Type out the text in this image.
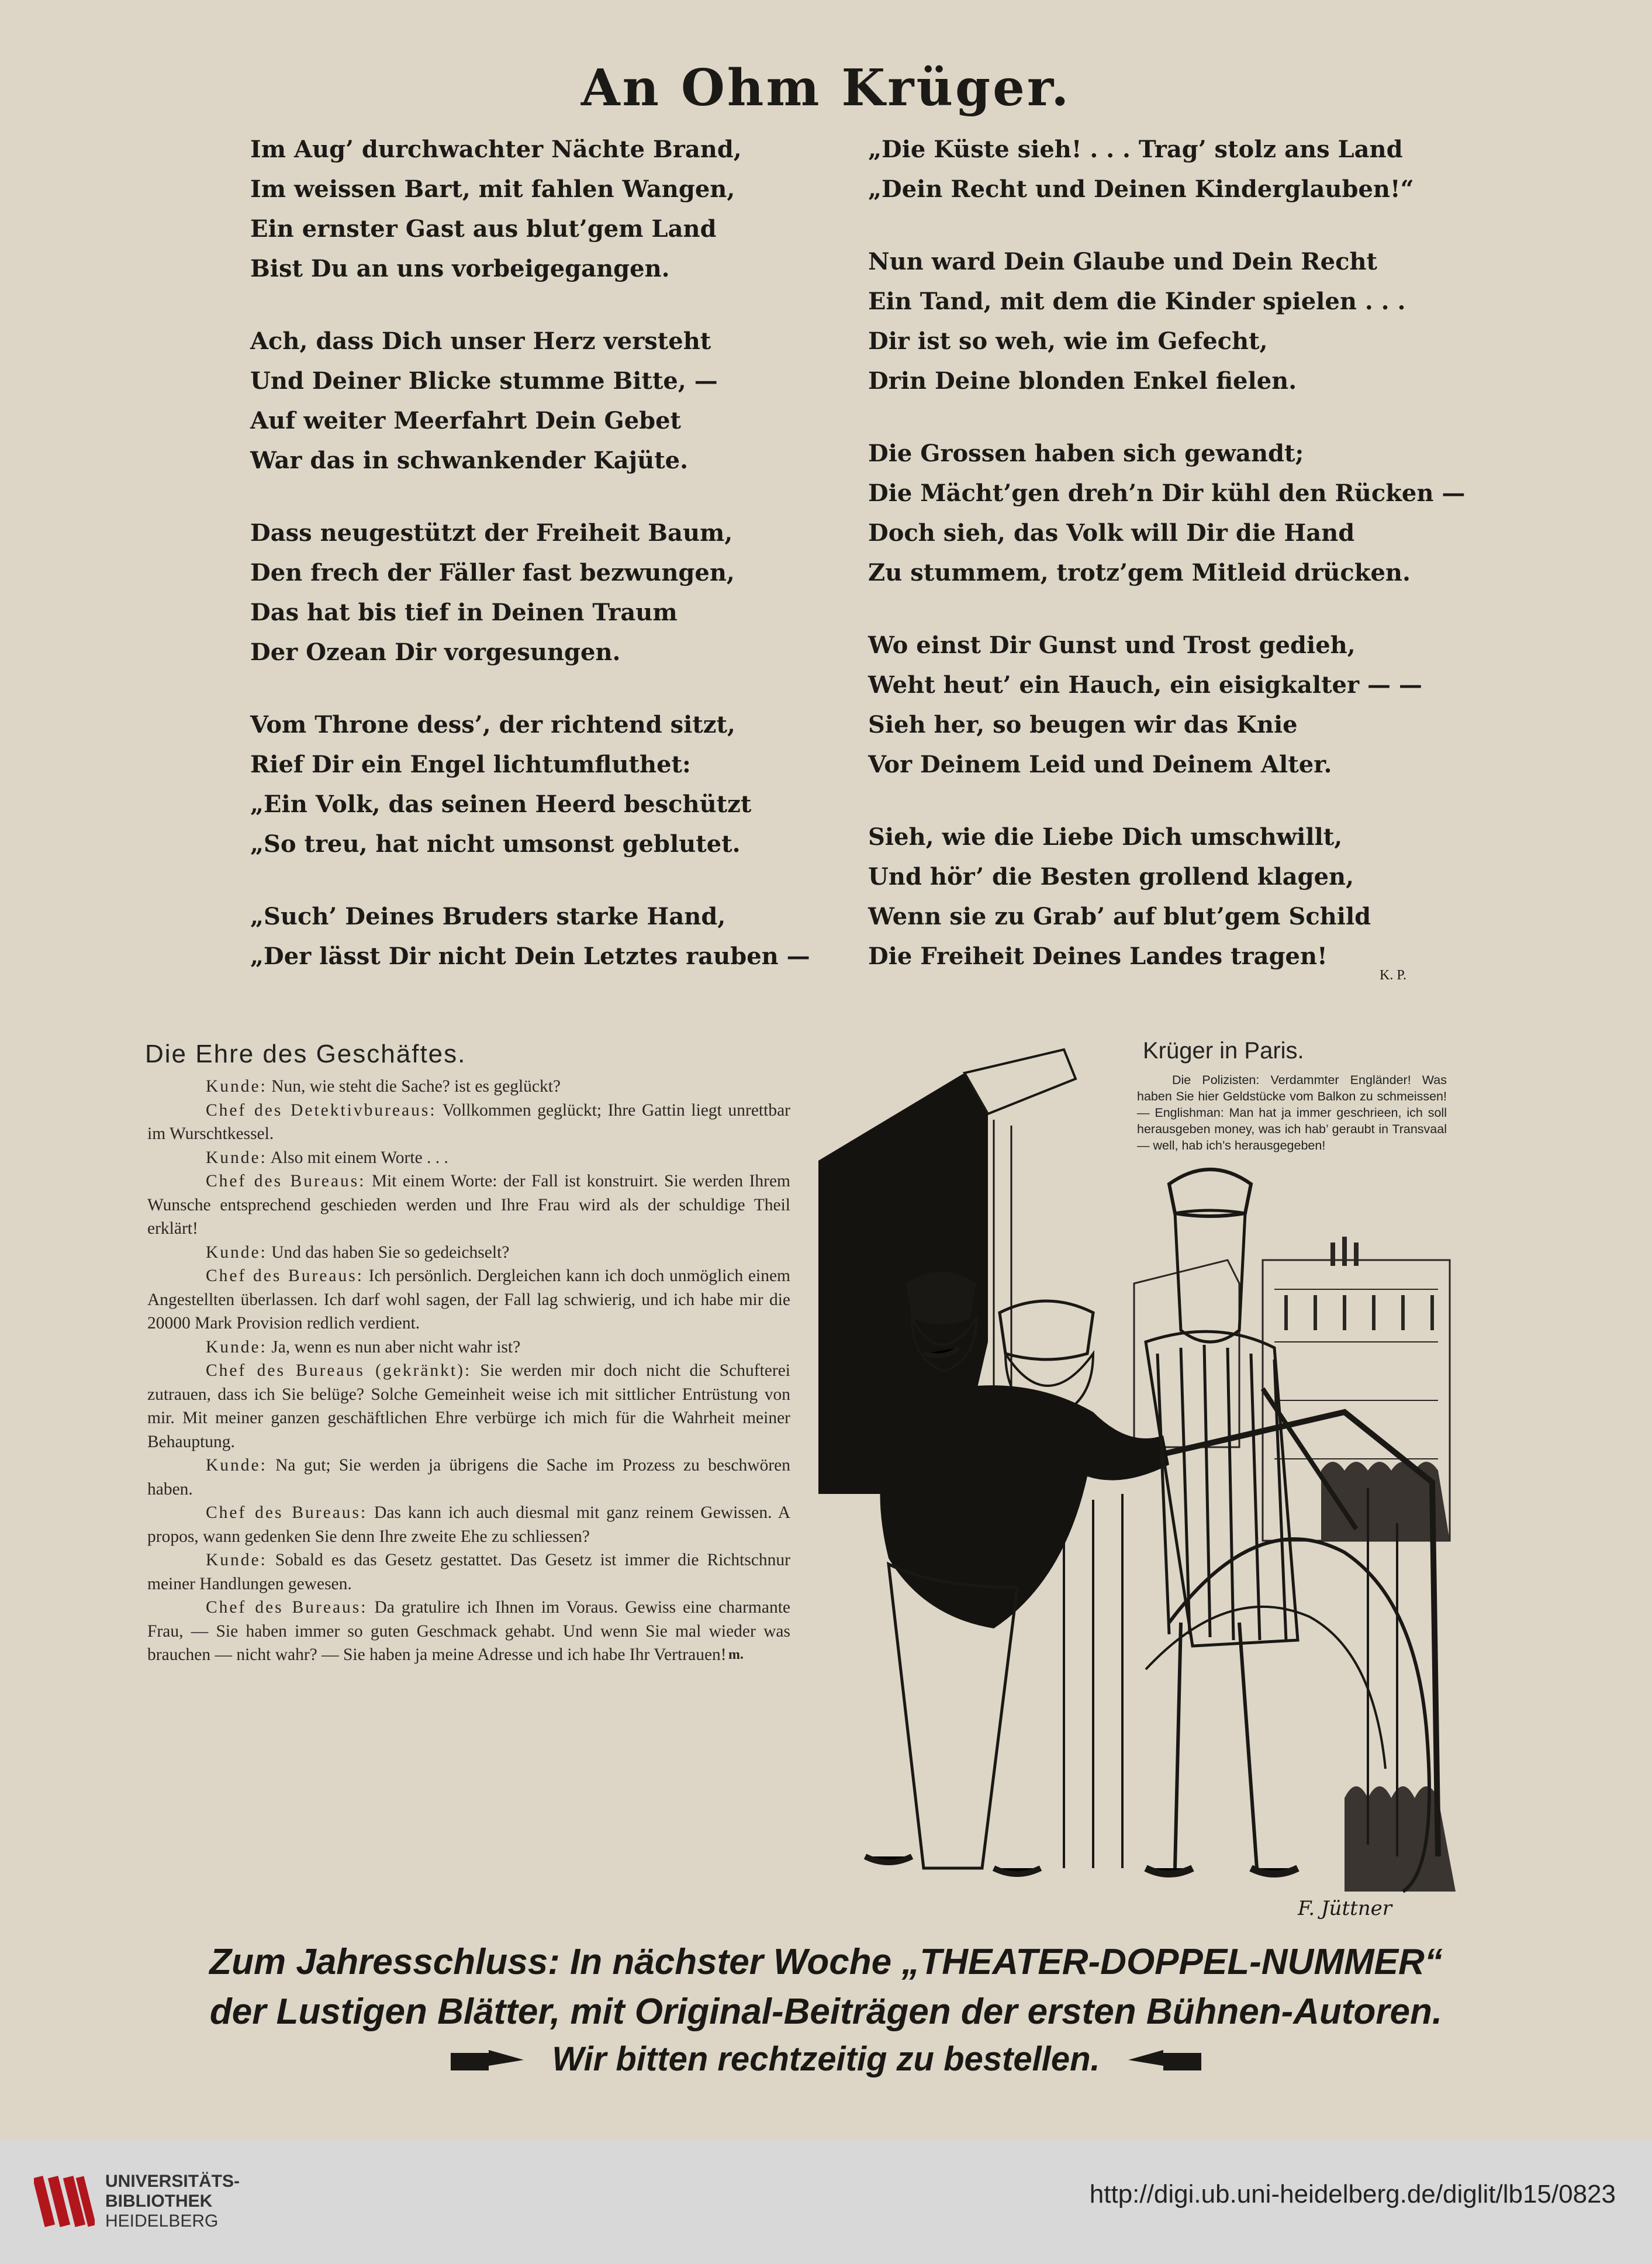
An Ohm Krüger.
Im Aug’ durchwachter Nächte Brand,
Im weissen Bart, mit fahlen Wangen,
Ein ernster Gast aus blut’gem Land
Bist Du an uns vorbeigegangen.
Ach, dass Dich unser Herz versteht
Und Deiner Blicke stumme Bitte, —
Auf weiter Meerfahrt Dein Gebet
War das in schwankender Kajüte.
Dass neugestützt der Freiheit Baum,
Den frech der Fäller fast bezwungen,
Das hat bis tief in Deinen Traum
Der Ozean Dir vorgesungen.
Vom Throne dess’, der richtend sitzt,
Rief Dir ein Engel lichtumfluthet:
„Ein Volk, das seinen Heerd beschützt
„So treu, hat nicht umsonst geblutet.
„Such’ Deines Bruders starke Hand,
„Der lässt Dir nicht Dein Letztes rauben —
„Die Küste sieh! . . . Trag’ stolz ans Land
„Dein Recht und Deinen Kinderglauben!“
Nun ward Dein Glaube und Dein Recht
Ein Tand, mit dem die Kinder spielen . . .
Dir ist so weh, wie im Gefecht,
Drin Deine blonden Enkel fielen.
Die Grossen haben sich gewandt;
Die Mächt’gen dreh’n Dir kühl den Rücken —
Doch sieh, das Volk will Dir die Hand
Zu stummem, trotz’gem Mitleid drücken.
Wo einst Dir Gunst und Trost gedieh,
Weht heut’ ein Hauch, ein eisigkalter — —
Sieh her, so beugen wir das Knie
Vor Deinem Leid und Deinem Alter.
Sieh, wie die Liebe Dich umschwillt,
Und hör’ die Besten grollend klagen,
Wenn sie zu Grab’ auf blut’gem Schild
Die Freiheit Deines Landes tragen!
K. P.
Die Ehre des Geschäftes.

Kunde: Nun, wie steht die Sache? ist es geglückt?

Chef des Detektivbureaus: Vollkommen geglückt; Ihre Gattin liegt unrettbar im Wurschtkessel.

Kunde: Also mit einem Worte . . .

Chef des Bureaus: Mit einem Worte: der Fall ist konstruirt. Sie werden Ihrem Wunsche entsprechend geschieden werden und Ihre Frau wird als der schuldige Theil erklärt!

Kunde: Und das haben Sie so gedeichselt?

Chef des Bureaus: Ich persönlich. Dergleichen kann ich doch unmöglich einem Angestellten überlassen. Ich darf wohl sagen, der Fall lag schwierig, und ich habe mir die 20000 Mark Provision redlich verdient.

Kunde: Ja, wenn es nun aber nicht wahr ist?

Chef des Bureaus (gekränkt): Sie werden mir doch nicht die Schufterei zutrauen, dass ich Sie belüge? Solche Gemeinheit weise ich mit sittlicher Entrüstung von mir. Mit meiner ganzen geschäftlichen Ehre verbürge ich mich für die Wahrheit meiner Behauptung.

Kunde: Na gut; Sie werden ja übrigens die Sache im Prozess zu beschwören haben.

Chef des Bureaus: Das kann ich auch diesmal mit ganz reinem Gewissen. A propos, wann gedenken Sie denn Ihre zweite Ehe zu schliessen?

Kunde: Sobald es das Gesetz gestattet. Das Gesetz ist immer die Richtschnur meiner Handlungen gewesen.

Chef des Bureaus: Da gratulire ich Ihnen im Voraus. Gewiss eine charmante Frau, — Sie haben immer so guten Geschmack gehabt. Und wenn Sie mal wieder was brauchen — nicht wahr? — Sie haben ja meine Adresse und ich habe Ihr Vertrauen! m.

F. Jüttner
Krüger in Paris.
Die Polizisten: Verdammter Engländer! Was haben Sie hier Geldstücke vom Balkon zu schmeissen! — Englishman: Man hat ja immer geschrieen, ich soll herausgeben money, was ich hab’ geraubt in Transvaal — well, hab ich’s herausgegeben!
Zum Jahresschluss: In nächster Woche „THEATER-DOPPEL-NUMMER“
der Lustigen Blätter, mit Original-Beiträgen der ersten Bühnen-Autoren.
Wir bitten rechtzeitig zu bestellen.
UNIVERSITÄTS-
BIBLIOTHEK
HEIDELBERG
http://digi.ub.uni-heidelberg.de/diglit/lb15/0823
